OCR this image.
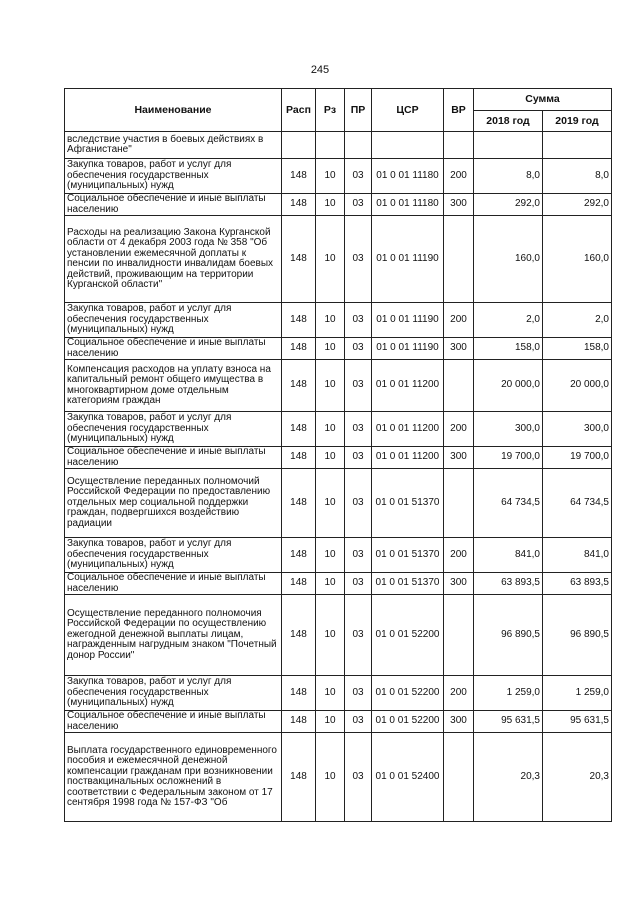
245
Наименование	Расп	Рз	ПР	ЦСР	ВР	Сумма	
						2018 год	2019 год
вследствие участия в боевых действиях в Афганистане"							
Закупка товаров, работ и услуг для обеспечения государственных (муниципальных) нужд	148	10	03	01 0 01 11180	200	8,0	8,0
Социальное обеспечение и иные выплаты населению	148	10	03	01 0 01 11180	300	292,0	292,0
Расходы на реализацию Закона Курганской области от 4 декабря 2003 года № 358 "Об установлении ежемесячной доплаты к пенсии по инвалидности инвалидам боевых действий, проживающим на территории Курганской области"	148	10	03	01 0 01 11190		160,0	160,0
Закупка товаров, работ и услуг для обеспечения государственных (муниципальных) нужд	148	10	03	01 0 01 11190	200	2,0	2,0
Социальное обеспечение и иные выплаты населению	148	10	03	01 0 01 11190	300	158,0	158,0
Компенсация расходов на уплату взноса на капитальный ремонт общего имущества в многоквартирном доме отдельным категориям граждан	148	10	03	01 0 01 11200		20 000,0	20 000,0
Закупка товаров, работ и услуг для обеспечения государственных (муниципальных) нужд	148	10	03	01 0 01 11200	200	300,0	300,0
Социальное обеспечение и иные выплаты населению	148	10	03	01 0 01 11200	300	19 700,0	19 700,0
Осуществление переданных полномочий Российской Федерации по предоставлению отдельных мер социальной поддержки граждан, подвергшихся воздействию радиации	148	10	03	01 0 01 51370		64 734,5	64 734,5
Закупка товаров, работ и услуг для обеспечения государственных (муниципальных) нужд	148	10	03	01 0 01 51370	200	841,0	841,0
Социальное обеспечение и иные выплаты населению	148	10	03	01 0 01 51370	300	63 893,5	63 893,5
Осуществление переданного полномочия Российской Федерации по осуществлению ежегодной денежной выплаты лицам, награжденным нагрудным знаком "Почетный донор России"	148	10	03	01 0 01 52200		96 890,5	96 890,5
Закупка товаров, работ и услуг для обеспечения государственных (муниципальных) нужд	148	10	03	01 0 01 52200	200	1 259,0	1 259,0
Социальное обеспечение и иные выплаты населению	148	10	03	01 0 01 52200	300	95 631,5	95 631,5
Выплата государственного единовременного пособия и ежемесячной денежной компенсации гражданам при возникновении поствакцинальных осложнений в соответствии с Федеральным законом от 17 сентября 1998 года № 157-ФЗ "Об	148	10	03	01 0 01 52400		20,3	20,3
